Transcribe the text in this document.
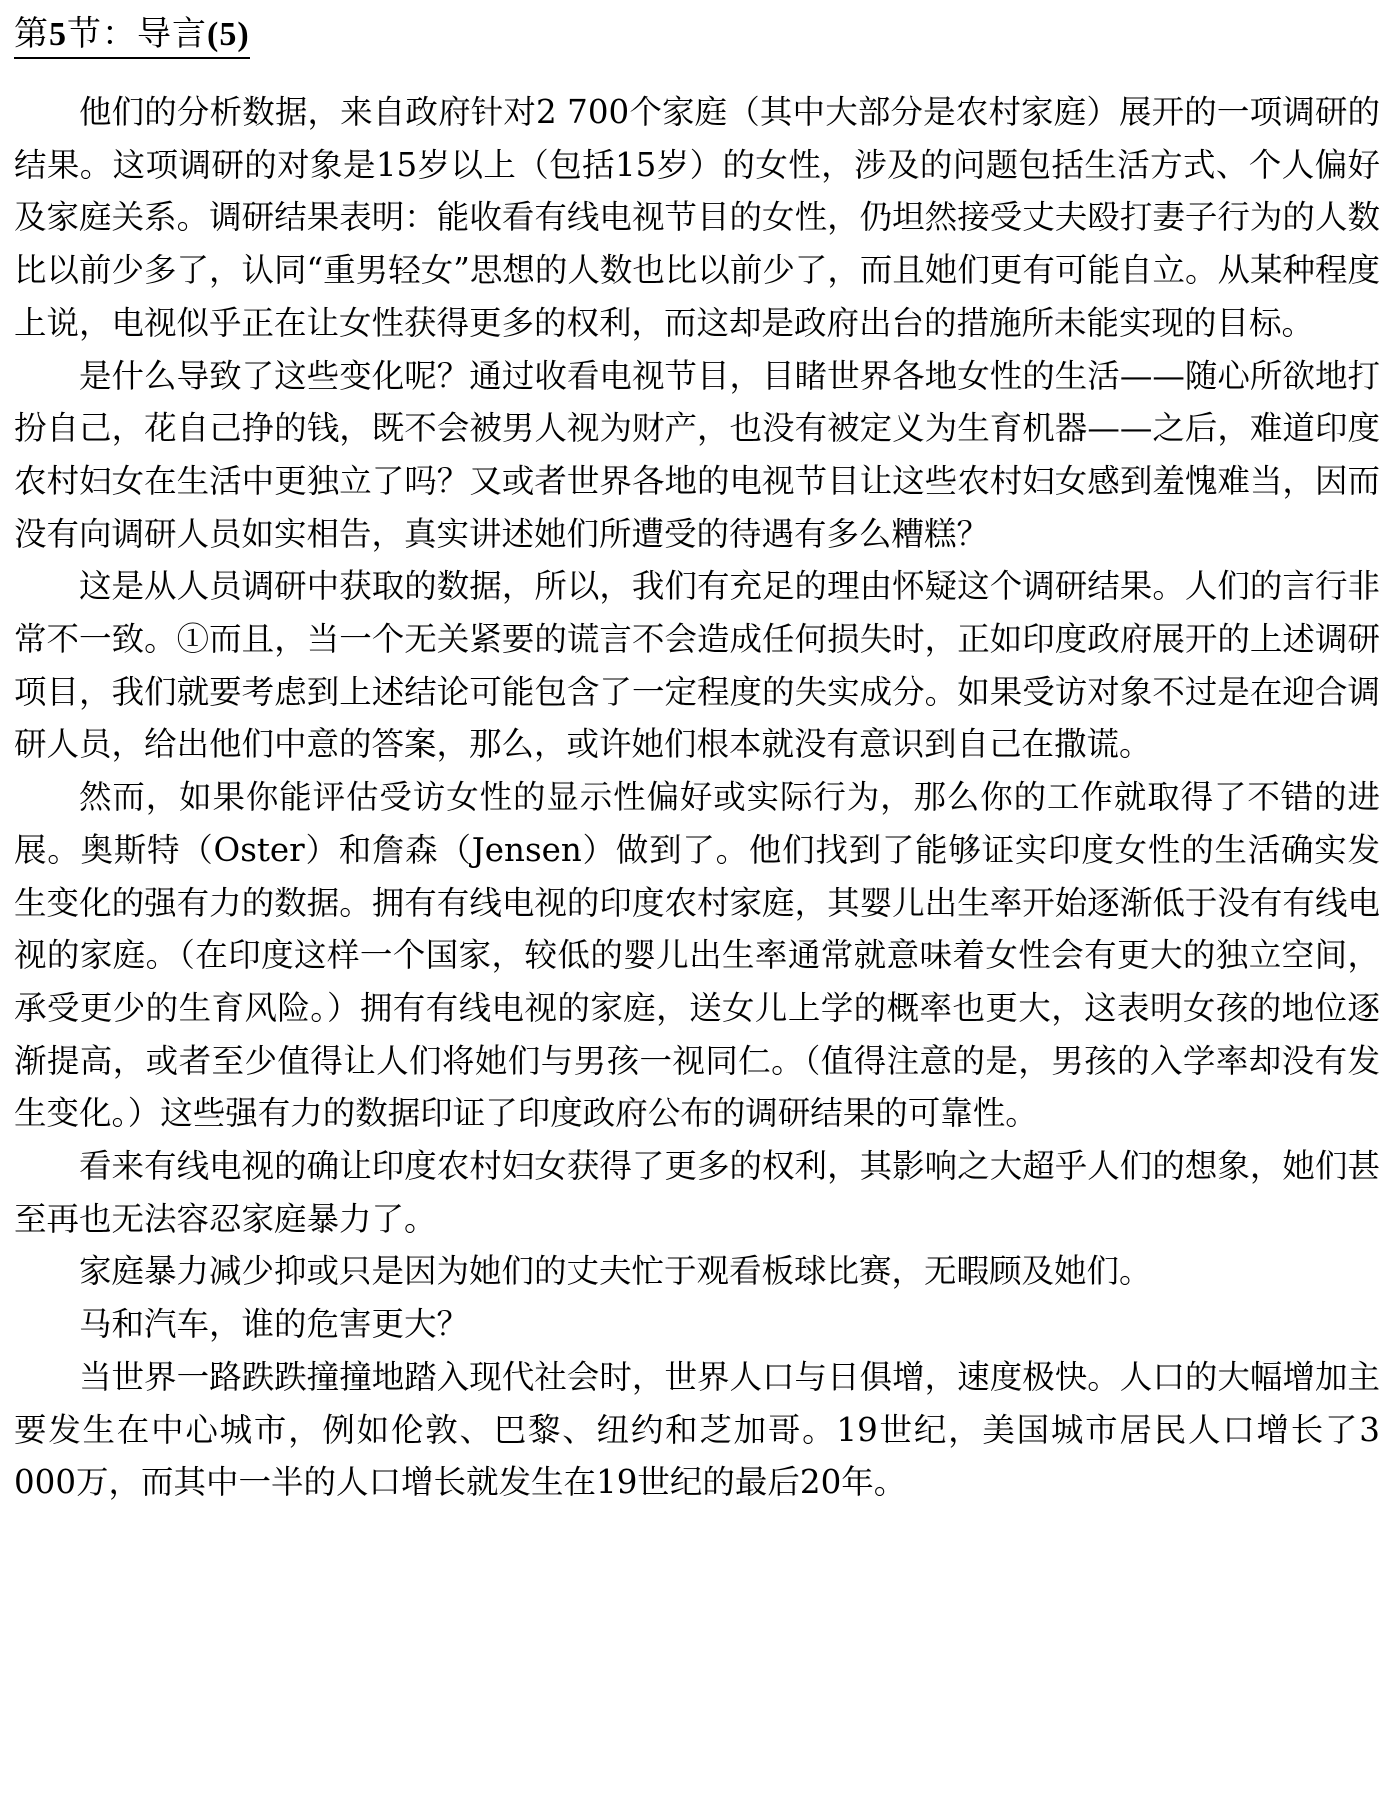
第5节：导言(5)

他们的分析数据，来自政府针对2 700个家庭（其中大部分是农村家庭）展开的一项调研的结果。这项调研的对象是15岁以上（包括15岁）的女性，涉及的问题包括生活方式、个人偏好及家庭关系。调研结果表明：能收看有线电视节目的女性，仍坦然接受丈夫殴打妻子行为的人数比以前少多了，认同“重男轻女”思想的人数也比以前少了，而且她们更有可能自立。从某种程度上说，电视似乎正在让女性获得更多的权利，而这却是政府出台的措施所未能实现的目标。

是什么导致了这些变化呢？通过收看电视节目，目睹世界各地女性的生活——随心所欲地打扮自己，花自己挣的钱，既不会被男人视为财产，也没有被定义为生育机器——之后，难道印度农村妇女在生活中更独立了吗？又或者世界各地的电视节目让这些农村妇女感到羞愧难当，因而没有向调研人员如实相告，真实讲述她们所遭受的待遇有多么糟糕？

这是从人员调研中获取的数据，所以，我们有充足的理由怀疑这个调研结果。人们的言行非常不一致。①而且，当一个无关紧要的谎言不会造成任何损失时，正如印度政府展开的上述调研项目，我们就要考虑到上述结论可能包含了一定程度的失实成分。如果受访对象不过是在迎合调研人员，给出他们中意的答案，那么，或许她们根本就没有意识到自己在撒谎。

然而，如果你能评估受访女性的显示性偏好或实际行为，那么你的工作就取得了不错的进展。奥斯特（Oster）和詹森（Jensen）做到了。他们找到了能够证实印度女性的生活确实发生变化的强有力的数据。拥有有线电视的印度农村家庭，其婴儿出生率开始逐渐低于没有有线电视的家庭。（在印度这样一个国家，较低的婴儿出生率通常就意味着女性会有更大的独立空间，承受更少的生育风险。）拥有有线电视的家庭，送女儿上学的概率也更大，这表明女孩的地位逐渐提高，或者至少值得让人们将她们与男孩一视同仁。（值得注意的是，男孩的入学率却没有发生变化。）这些强有力的数据印证了印度政府公布的调研结果的可靠性。

看来有线电视的确让印度农村妇女获得了更多的权利，其影响之大超乎人们的想象，她们甚至再也无法容忍家庭暴力了。

家庭暴力减少抑或只是因为她们的丈夫忙于观看板球比赛，无暇顾及她们。

马和汽车，谁的危害更大？

当世界一路跌跌撞撞地踏入现代社会时，世界人口与日俱增，速度极快。人口的大幅增加主要发生在中心城市，例如伦敦、巴黎、纽约和芝加哥。19世纪，美国城市居民人口增长了3 000万，而其中一半的人口增长就发生在19世纪的最后20年。
